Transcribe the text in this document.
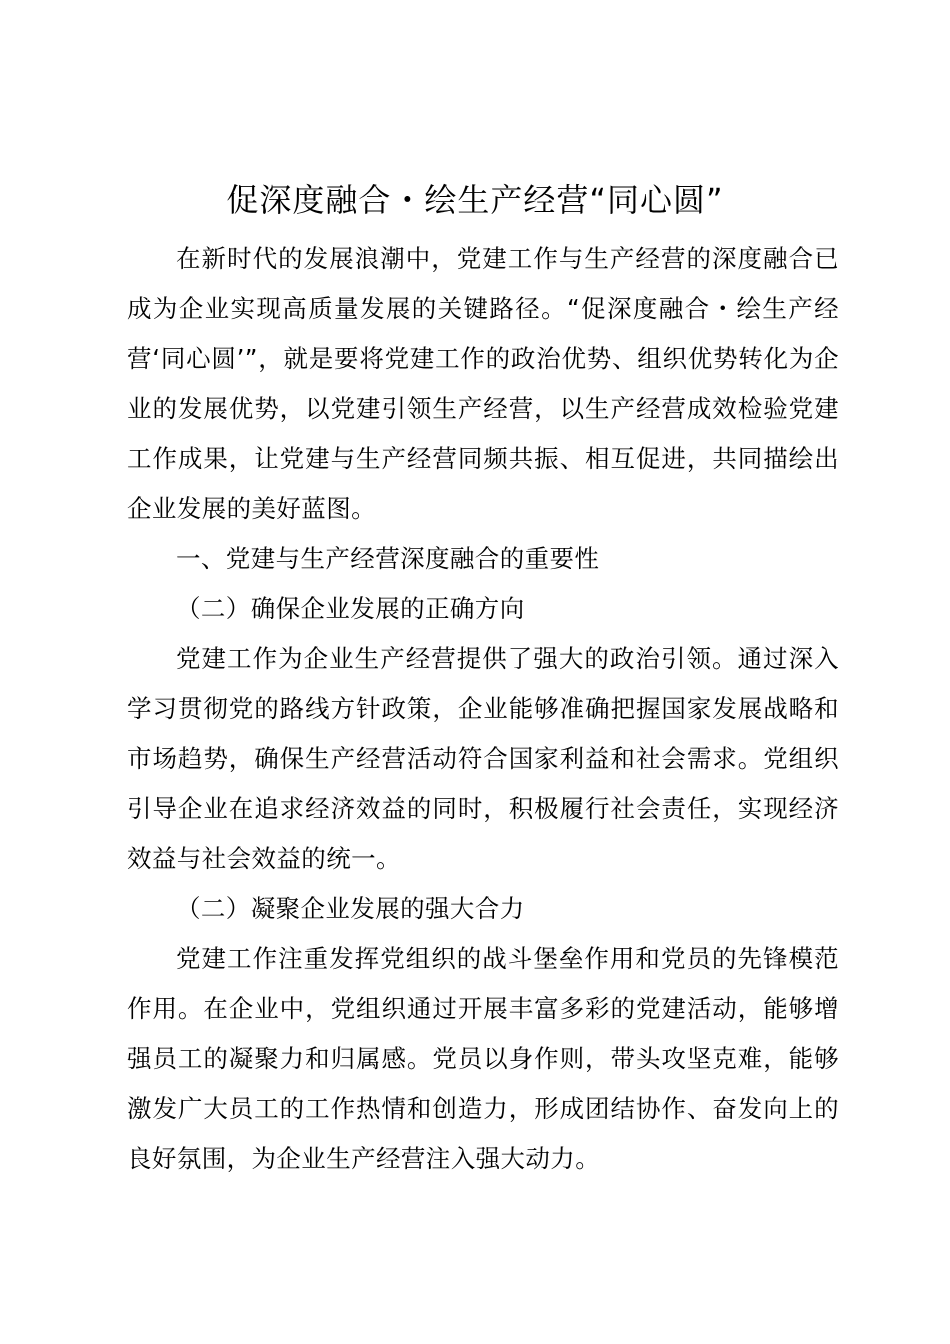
促深度融合・绘生产经营“同心圆”

在新时代的发展浪潮中，党建工作与生产经营的深度融合已成为企业实现高质量发展的关键路径。“促深度融合・绘生产经营‘同心圆’”，就是要将党建工作的政治优势、组织优势转化为企业的发展优势，以党建引领生产经营，以生产经营成效检验党建工作成果，让党建与生产经营同频共振、相互促进，共同描绘出企业发展的美好蓝图。

一、党建与生产经营深度融合的重要性

（二）确保企业发展的正确方向

党建工作为企业生产经营提供了强大的政治引领。通过深入学习贯彻党的路线方针政策，企业能够准确把握国家发展战略和市场趋势，确保生产经营活动符合国家利益和社会需求。党组织引导企业在追求经济效益的同时，积极履行社会责任，实现经济效益与社会效益的统一。

（二）凝聚企业发展的强大合力

党建工作注重发挥党组织的战斗堡垒作用和党员的先锋模范作用。在企业中，党组织通过开展丰富多彩的党建活动，能够增强员工的凝聚力和归属感。党员以身作则，带头攻坚克难，能够激发广大员工的工作热情和创造力，形成团结协作、奋发向上的良好氛围，为企业生产经营注入强大动力。
